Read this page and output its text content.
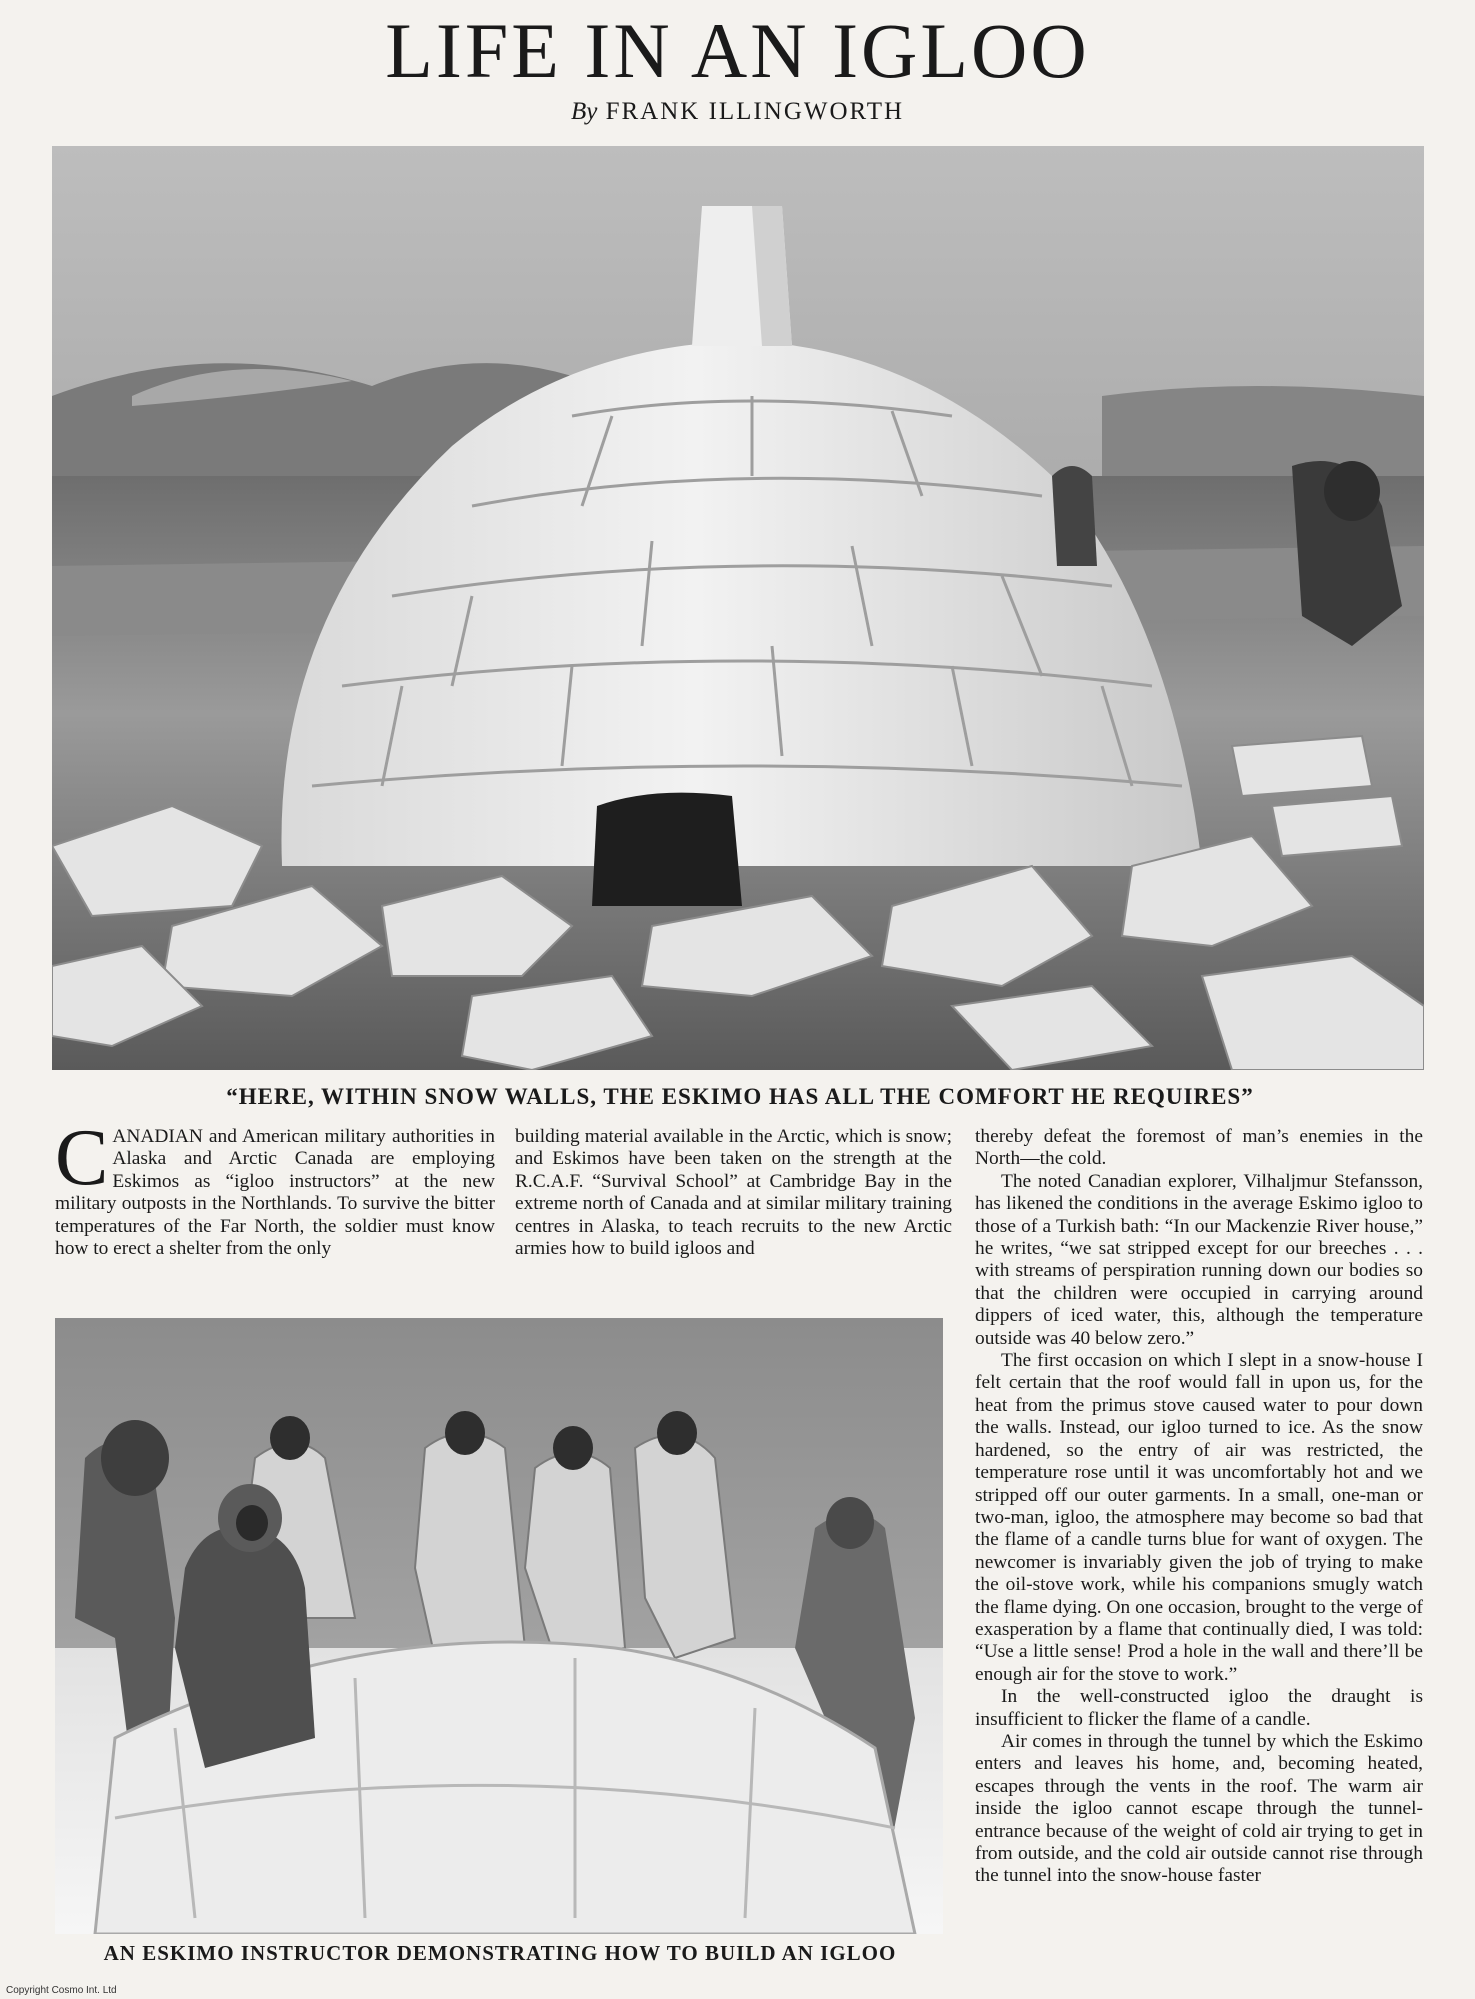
LIFE IN AN IGLOO
By FRANK ILLINGWORTH
“HERE, WITHIN SNOW WALLS, THE ESKIMO HAS ALL THE COMFORT HE REQUIRES”

CANADIAN and American military authorities in Alaska and Arctic Canada are employing Eskimos as “igloo instructors” at the new military outposts in the Northlands. To survive the bitter temperatures of the Far North, the soldier must know how to erect a shelter from the only

building material available in the Arctic, which is snow; and Eskimos have been taken on the strength at the R.C.A.F. “Survival School” at Cambridge Bay in the extreme north of Canada and at similar military training centres in Alaska, to teach recruits to the new Arctic armies how to build igloos and

AN ESKIMO INSTRUCTOR DEMONSTRATING HOW TO BUILD AN IGLOO

thereby defeat the foremost of man’s enemies in the North—the cold.

The noted Canadian explorer, Vilhaljmur Stefansson, has likened the conditions in the average Eskimo igloo to those of a Turkish bath: “In our Mackenzie River house,” he writes, “we sat stripped except for our breeches . . . with streams of perspiration running down our bodies so that the children were occupied in carrying around dippers of iced water, this, although the temperature outside was 40 below zero.”

The first occasion on which I slept in a snow-house I felt certain that the roof would fall in upon us, for the heat from the primus stove caused water to pour down the walls. Instead, our igloo turned to ice. As the snow hardened, so the entry of air was restricted, the temperature rose until it was uncomfortably hot and we stripped off our outer garments. In a small, one-man or two-man, igloo, the atmosphere may become so bad that the flame of a candle turns blue for want of oxygen. The newcomer is invariably given the job of trying to make the oil-stove work, while his companions smugly watch the flame dying. On one occasion, brought to the verge of exasperation by a flame that continually died, I was told: “Use a little sense! Prod a hole in the wall and there’ll be enough air for the stove to work.”

In the well-constructed igloo the draught is insufficient to flicker the flame of a candle.

Air comes in through the tunnel by which the Eskimo enters and leaves his home, and, becoming heated, escapes through the vents in the roof. The warm air inside the igloo cannot escape through the tunnel-entrance because of the weight of cold air trying to get in from outside, and the cold air outside cannot rise through the tunnel into the snow-house faster

Copyright Cosmo Int. Ltd
